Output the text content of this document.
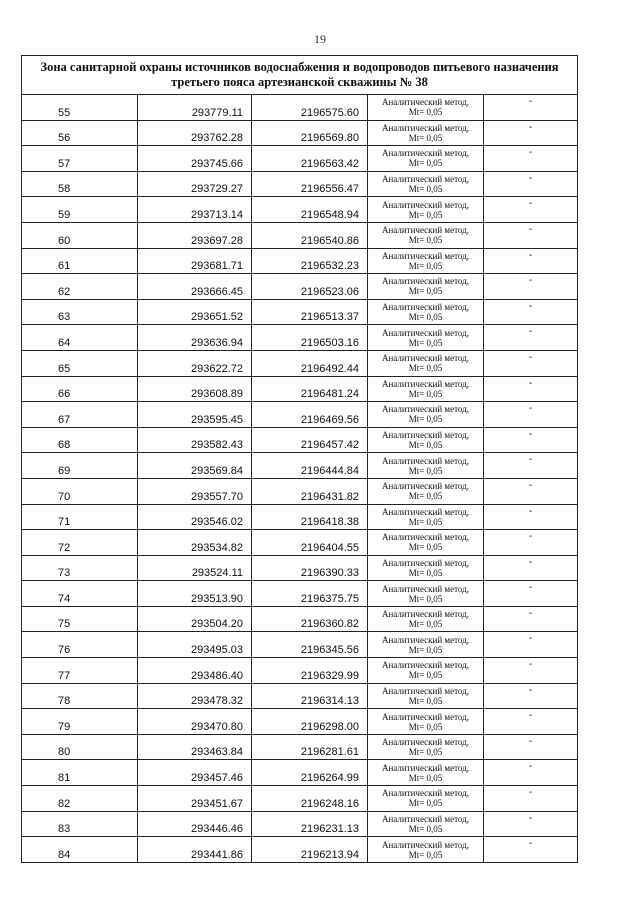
19
Зона санитарной охраны источников водоснабжения и водопроводов питьевого назначения
третьего пояса артезианской скважины № 38				
55	293779.11	2196575.60	Аналитический метод,
Mt= 0,05	-
56	293762.28	2196569.80	Аналитический метод,
Mt= 0,05	-
57	293745.66	2196563.42	Аналитический метод,
Mt= 0,05	-
58	293729.27	2196556.47	Аналитический метод,
Mt= 0,05	-
59	293713.14	2196548.94	Аналитический метод,
Mt= 0,05	-
60	293697.28	2196540.86	Аналитический метод,
Mt= 0,05	-
61	293681.71	2196532.23	Аналитический метод,
Mt= 0,05	-
62	293666.45	2196523.06	Аналитический метод,
Mt= 0,05	-
63	293651.52	2196513.37	Аналитический метод,
Mt= 0,05	-
64	293636.94	2196503.16	Аналитический метод,
Mt= 0,05	-
65	293622.72	2196492.44	Аналитический метод,
Mt= 0,05	-
66	293608.89	2196481.24	Аналитический метод,
Mt= 0,05	-
67	293595.45	2196469.56	Аналитический метод,
Mt= 0,05	-
68	293582.43	2196457.42	Аналитический метод,
Mt= 0,05	-
69	293569.84	2196444.84	Аналитический метод,
Mt= 0,05	-
70	293557.70	2196431.82	Аналитический метод,
Mt= 0,05	-
71	293546.02	2196418.38	Аналитический метод,
Mt= 0,05	-
72	293534.82	2196404.55	Аналитический метод,
Mt= 0,05	-
73	293524.11	2196390.33	Аналитический метод,
Mt= 0,05	-
74	293513.90	2196375.75	Аналитический метод,
Mt= 0,05	-
75	293504.20	2196360.82	Аналитический метод,
Mt= 0,05	-
76	293495.03	2196345.56	Аналитический метод,
Mt= 0,05	-
77	293486.40	2196329.99	Аналитический метод,
Mt= 0,05	-
78	293478.32	2196314.13	Аналитический метод,
Mt= 0,05	-
79	293470.80	2196298.00	Аналитический метод,
Mt= 0,05	-
80	293463.84	2196281.61	Аналитический метод,
Mt= 0,05	-
81	293457.46	2196264.99	Аналитический метод,
Mt= 0,05	-
82	293451.67	2196248.16	Аналитический метод,
Mt= 0,05	-
83	293446.46	2196231.13	Аналитический метод,
Mt= 0,05	-
84	293441.86	2196213.94	Аналитический метод,
Mt= 0,05	-
